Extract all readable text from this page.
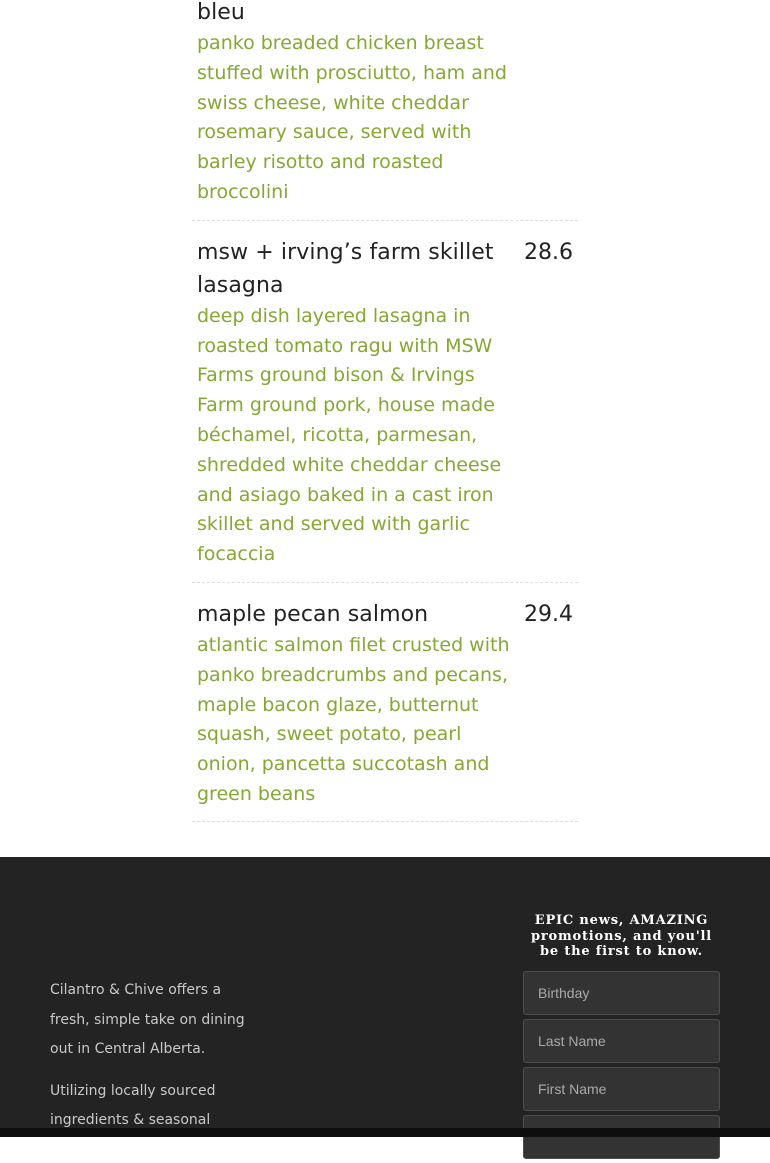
bleu
panko breaded chicken breast stuffed with prosciutto, ham and swiss cheese, white cheddar rosemary sauce, served with barley risotto and roasted broccolini
28.6
msw + irving’s farm skillet lasagna
deep dish layered lasagna in roasted tomato ragu with MSW Farms ground bison & Irvings Farm ground pork, house made béchamel, ricotta, parmesan, shredded white cheddar cheese and asiago baked in a cast iron skillet and served with garlic focaccia
29.4
maple pecan salmon
atlantic salmon filet crusted with panko breadcrumbs and pecans, maple bacon glaze, butternut squash, sweet potato, pearl onion, pancetta succotash and green beans

Cilantro & Chive offers a fresh, simple take on dining out in Central Alberta.

Utilizing locally sourced ingredients & seasonal

EPIC news, AMAZING promotions, and you'll be the first to know.
Birthday
Last Name
First Name
